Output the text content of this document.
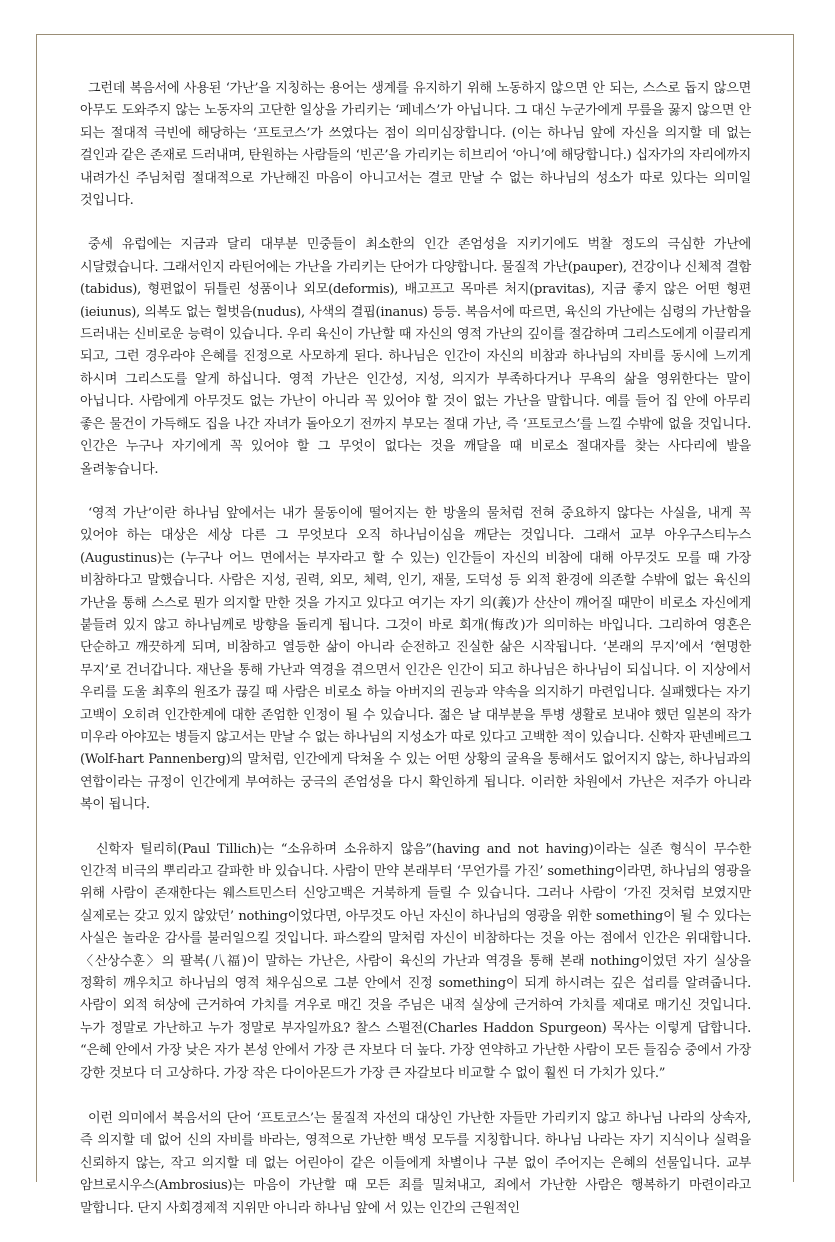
그런데 복음서에 사용된 ‘가난’을 지칭하는 용어는 생계를 유지하기 위해 노동하지 않으면 안 되는, 스스로 돕지 않으면 아무도 도와주지 않는 노동자의 고단한 일상을 가리키는 ‘페네스’가 아닙니다. 그 대신 누군가에게 무릎을 꿇지 않으면 안 되는 절대적 극빈에 해당하는 ‘프토코스’가 쓰였다는 점이 의미심장합니다. (이는 하나님 앞에 자신을 의지할 데 없는 걸인과 같은 존재로 드러내며, 탄원하는 사람들의 ‘빈곤’을 가리키는 히브리어 ‘아니’에 해당합니다.) 십자가의 자리에까지 내려가신 주님처럼 절대적으로 가난해진 마음이 아니고서는 결코 만날 수 없는 하나님의 성소가 따로 있다는 의미일 것입니다.

중세 유럽에는 지금과 달리 대부분 민중들이 최소한의 인간 존엄성을 지키기에도 벅찰 정도의 극심한 가난에 시달렸습니다. 그래서인지 라틴어에는 가난을 가리키는 단어가 다양합니다. 물질적 가난(pauper), 건강이나 신체적 결함(tabidus), 형편없이 뒤틀린 성품이나 외모(deformis), 배고프고 목마른 처지(pravitas), 지금 좋지 않은 어떤 형편(ieiunus), 의복도 없는 헐벗음(nudus), 사색의 결핍(inanus) 등등. 복음서에 따르면, 육신의 가난에는 심령의 가난함을 드러내는 신비로운 능력이 있습니다. 우리 육신이 가난할 때 자신의 영적 가난의 깊이를 절감하며 그리스도에게 이끌리게 되고, 그런 경우라야 은혜를 진정으로 사모하게 된다. 하나님은 인간이 자신의 비참과 하나님의 자비를 동시에 느끼게 하시며 그리스도를 알게 하십니다. 영적 가난은 인간성, 지성, 의지가 부족하다거나 무욕의 삶을 영위한다는 말이 아닙니다. 사람에게 아무것도 없는 가난이 아니라 꼭 있어야 할 것이 없는 가난을 말합니다. 예를 들어 집 안에 아무리 좋은 물건이 가득해도 집을 나간 자녀가 돌아오기 전까지 부모는 절대 가난, 즉 ‘프토코스’를 느낄 수밖에 없을 것입니다. 인간은 누구나 자기에게 꼭 있어야 할 그 무엇이 없다는 것을 깨달을 때 비로소 절대자를 찾는 사다리에 발을 올려놓습니다.

‘영적 가난’이란 하나님 앞에서는 내가 물동이에 떨어지는 한 방울의 물처럼 전혀 중요하지 않다는 사실을, 내게 꼭 있어야 하는 대상은 세상 다른 그 무엇보다 오직 하나님이심을 깨닫는 것입니다. 그래서 교부 아우구스티누스(Augustinus)는 (누구나 어느 면에서는 부자라고 할 수 있는) 인간들이 자신의 비참에 대해 아무것도 모를 때 가장 비참하다고 말했습니다. 사람은 지성, 권력, 외모, 체력, 인기, 재물, 도덕성 등 외적 환경에 의존할 수밖에 없는 육신의 가난을 통해 스스로 뭔가 의지할 만한 것을 가지고 있다고 여기는 자기 의(義)가 산산이 깨어질 때만이 비로소 자신에게 붙들려 있지 않고 하나님께로 방향을 돌리게 됩니다. 그것이 바로 회개(悔改)가 의미하는 바입니다. 그리하여 영혼은 단순하고 깨끗하게 되며, 비참하고 열등한 삶이 아니라 순전하고 진실한 삶은 시작됩니다. ‘본래의 무지’에서 ‘현명한 무지’로 건너갑니다. 재난을 통해 가난과 역경을 겪으면서 인간은 인간이 되고 하나님은 하나님이 되십니다. 이 지상에서 우리를 도울 최후의 원조가 끊길 때 사람은 비로소 하늘 아버지의 권능과 약속을 의지하기 마련입니다. 실패했다는 자기 고백이 오히려 인간한계에 대한 존엄한 인정이 될 수 있습니다. 젊은 날 대부분을 투병 생활로 보내야 했던 일본의 작가 미우라 아야꼬는 병들지 않고서는 만날 수 없는 하나님의 지성소가 따로 있다고 고백한 적이 있습니다. 신학자 판넨베르그(Wolf-hart Pannenberg)의 말처럼, 인간에게 닥쳐올 수 있는 어떤 상황의 굴욕을 통해서도 없어지지 않는, 하나님과의 연합이라는 규정이 인간에게 부여하는 궁극의 존엄성을 다시 확인하게 됩니다. 이러한 차원에서 가난은 저주가 아니라 복이 됩니다.

신학자 틸리히(Paul Tillich)는 “소유하며 소유하지 않음”(having and not having)이라는 실존 형식이 무수한 인간적 비극의 뿌리라고 갈파한 바 있습니다. 사람이 만약 본래부터 ‘무언가를 가진’ something이라면, 하나님의 영광을 위해 사람이 존재한다는 웨스트민스터 신앙고백은 거북하게 들릴 수 있습니다. 그러나 사람이 ‘가진 것처럼 보였지만 실제로는 갖고 있지 않았던’ nothing이었다면, 아무것도 아닌 자신이 하나님의 영광을 위한 something이 될 수 있다는 사실은 놀라운 감사를 불러일으킬 것입니다. 파스칼의 말처럼 자신이 비참하다는 것을 아는 점에서 인간은 위대합니다. 〈산상수훈〉의 팔복(八福)이 말하는 가난은, 사람이 육신의 가난과 역경을 통해 본래 nothing이었던 자기 실상을 정확히 깨우치고 하나님의 영적 채우심으로 그분 안에서 진정 something이 되게 하시려는 깊은 섭리를 알려줍니다. 사람이 외적 허상에 근거하여 가치를 겨우로 매긴 것을 주님은 내적 실상에 근거하여 가치를 제대로 매기신 것입니다. 누가 정말로 가난하고 누가 정말로 부자일까요? 찰스 스펄전(Charles Haddon Spurgeon) 목사는 이렇게 답합니다. “은혜 안에서 가장 낮은 자가 본성 안에서 가장 큰 자보다 더 높다. 가장 연약하고 가난한 사람이 모든 들짐승 중에서 가장 강한 것보다 더 고상하다. 가장 작은 다이아몬드가 가장 큰 자갈보다 비교할 수 없이 훨씬 더 가치가 있다.”

이런 의미에서 복음서의 단어 ‘프토코스’는 물질적 자선의 대상인 가난한 자들만 가리키지 않고 하나님 나라의 상속자, 즉 의지할 데 없어 신의 자비를 바라는, 영적으로 가난한 백성 모두를 지칭합니다. 하나님 나라는 자기 지식이나 실력을 신뢰하지 않는, 작고 의지할 데 없는 어린아이 같은 이들에게 차별이나 구분 없이 주어지는 은혜의 선물입니다. 교부 암브로시우스(Ambrosius)는 마음이 가난할 때 모든 죄를 밀쳐내고, 죄에서 가난한 사람은 행복하기 마련이라고 말합니다. 단지 사회경제적 지위만 아니라 하나님 앞에 서 있는 인간의 근원적인
